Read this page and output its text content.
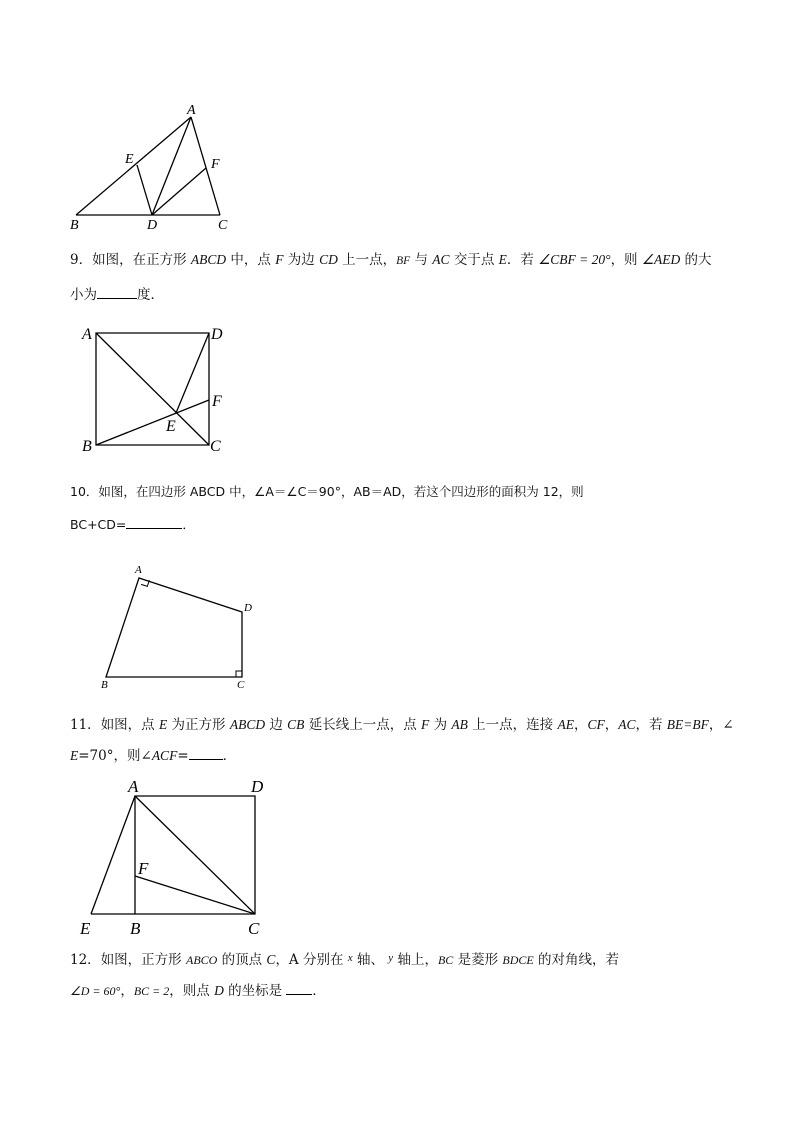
A
B	C
D
E	F
9．如图，在正方形 ABCD 中，点 F 为边 CD 上一点，BF 与 AC 交于点 E．若 ∠CBF = 20°，则 ∠AED 的大
小为	度．
A
B	C
D
E
F
10．如图，在四边形 ABCD 中，∠A＝∠C＝90°，AB＝AD，若这个四边形的面积为 12，则
BC+CD=	．
A
B	C
D
11．如图，点 E 为正方形 ABCD 边 CB 延长线上一点，点 F 为 AB 上一点，连接 AE，CF，AC，若 BE=BF，∠
E=70°，则∠ACF=	．
A
B	C
D
E
F
12．如图，正方形 ABCO 的顶点 C，A 分别在 $^x$ 轴、 $^y$ 轴上，BC 是菱形 BDCE 的对角线，若
∠D = 60°，BC = 2，则点 D 的坐标是 ．
